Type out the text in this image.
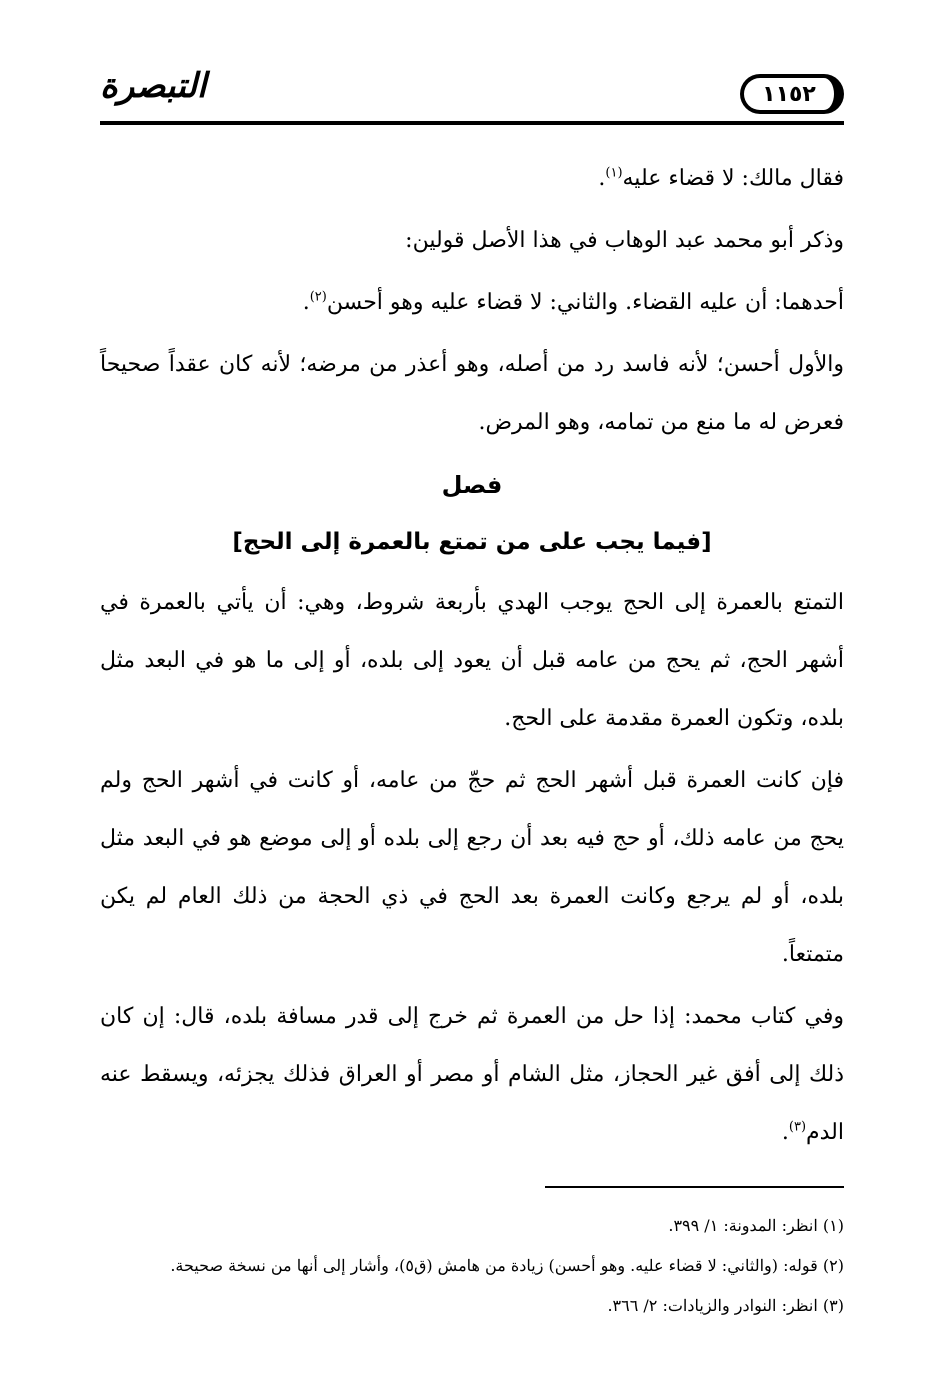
التبصرة	١١٥٢

فقال مالك: لا قضاء عليه$^{(١)}$.

وذكر أبو محمد عبد الوهاب في هذا الأصل قولين:

أحدهما: أن عليه القضاء. والثاني: لا قضاء عليه وهو أحسن$^{(٢)}$.

والأول أحسن؛ لأنه فاسد رد من أصله، وهو أعذر من مرضه؛ لأنه كان عقداً صحيحاً فعرض له ما منع من تمامه، وهو المرض.

فصل
[فيما يجب على من تمتع بالعمرة إلى الحج]

التمتع بالعمرة إلى الحج يوجب الهدي بأربعة شروط، وهي: أن يأتي بالعمرة في أشهر الحج، ثم يحج من عامه قبل أن يعود إلى بلده، أو إلى ما هو في البعد مثل بلده، وتكون العمرة مقدمة على الحج.

فإن كانت العمرة قبل أشهر الحج ثم حجّ من عامه، أو كانت في أشهر الحج ولم يحج من عامه ذلك، أو حج فيه بعد أن رجع إلى بلده أو إلى موضع هو في البعد مثل بلده، أو لم يرجع وكانت العمرة بعد الحج في ذي الحجة من ذلك العام لم يكن متمتعاً.

وفي كتاب محمد: إذا حل من العمرة ثم خرج إلى قدر مسافة بلده، قال: إن كان ذلك إلى أفق غير الحجاز، مثل الشام أو مصر أو العراق فذلك يجزئه، ويسقط عنه الدم$^{(٣)}$.

(١) انظر: المدونة: ١/ ٣٩٩.

(٢) قوله: (والثاني: لا قضاء عليه. وهو أحسن) زيادة من هامش (ق٥)، وأشار إلى أنها من نسخة صحيحة.

(٣) انظر: النوادر والزيادات: ٢/ ٣٦٦.
